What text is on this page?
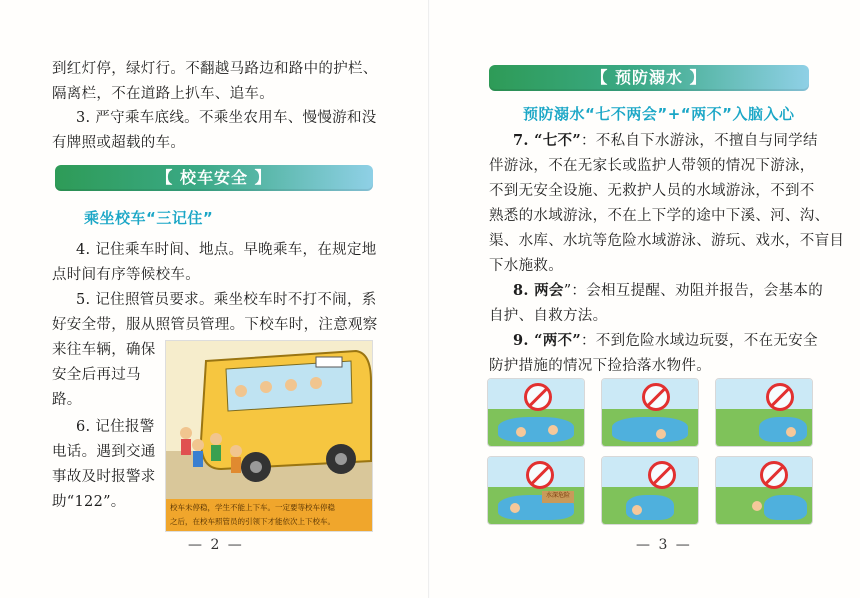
到红灯停，绿灯行。不翻越马路边和路中的护栏、
隔离栏，不在道路上扒车、追车。

3. 严守乘车底线。不乘坐农用车、慢慢游和没
有牌照或超载的车。

【 校车安全 】
乘坐校车“三记住”

4. 记住乘车时间、地点。早晚乘车，在规定地
点时间有序等候校车。

5. 记住照管员要求。乘坐校车时不打不闹，系
好安全带，服从照管员管理。下校车时，注意观察
来往车辆，确保
安全后再过马
路。

6. 记住报警
电话。遇到交通
事故及时报警求
助“122”。	校车未停稳，学生不能上下车。一定要等校车停稳
之后，在校车照管员的引领下才能依次上下校车。
— 2 —
【 预防溺水 】
预防溺水“七不两会”+“两不”入脑入心

7. “七不”：不私自下水游泳，不擅自与同学结
伴游泳，不在无家长或监护人带领的情况下游泳，
不到无安全设施、无救护人员的水域游泳，不到不
熟悉的水域游泳，不在上下学的途中下溪、河、沟、
渠、水库、水坑等危险水域游泳、游玩、戏水，不盲目
下水施救。

8. 两会”：会相互提醒、劝阻并报告，会基本的
自护、自救方法。

9. “两不”：不到危险水域边玩耍，不在无安全
防护措施的情况下捡拾落水物件。

水深危险
— 3 —
